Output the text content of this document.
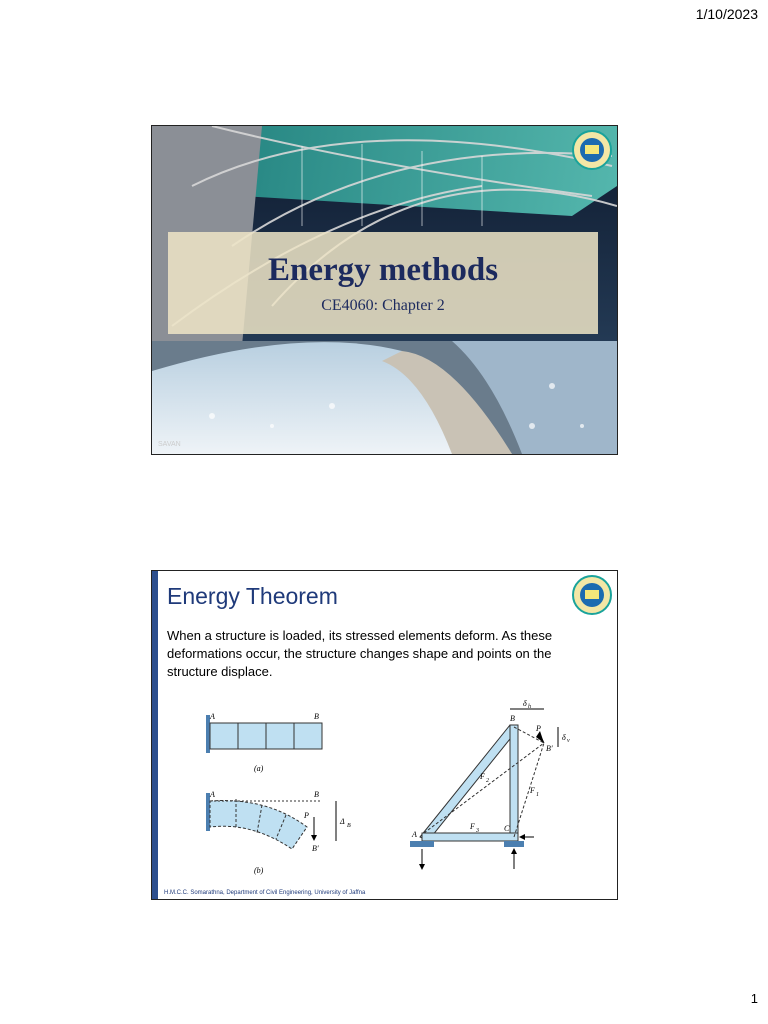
1/10/2023
Energy methods
CE4060: Chapter 2
SAVAN
Energy Theorem
When a structure is loaded, its stressed elements deform. As these deformations occur, the structure changes shape and points on the structure displace.
A	B
(a)
A	B
P
Δ B
B′
(b)
A
B
C
P
B′
F 2
F 1
F 3
δ h
δ v
H.M.C.C. Somarathna, Department of Civil Engineering, University of Jaffna
1
